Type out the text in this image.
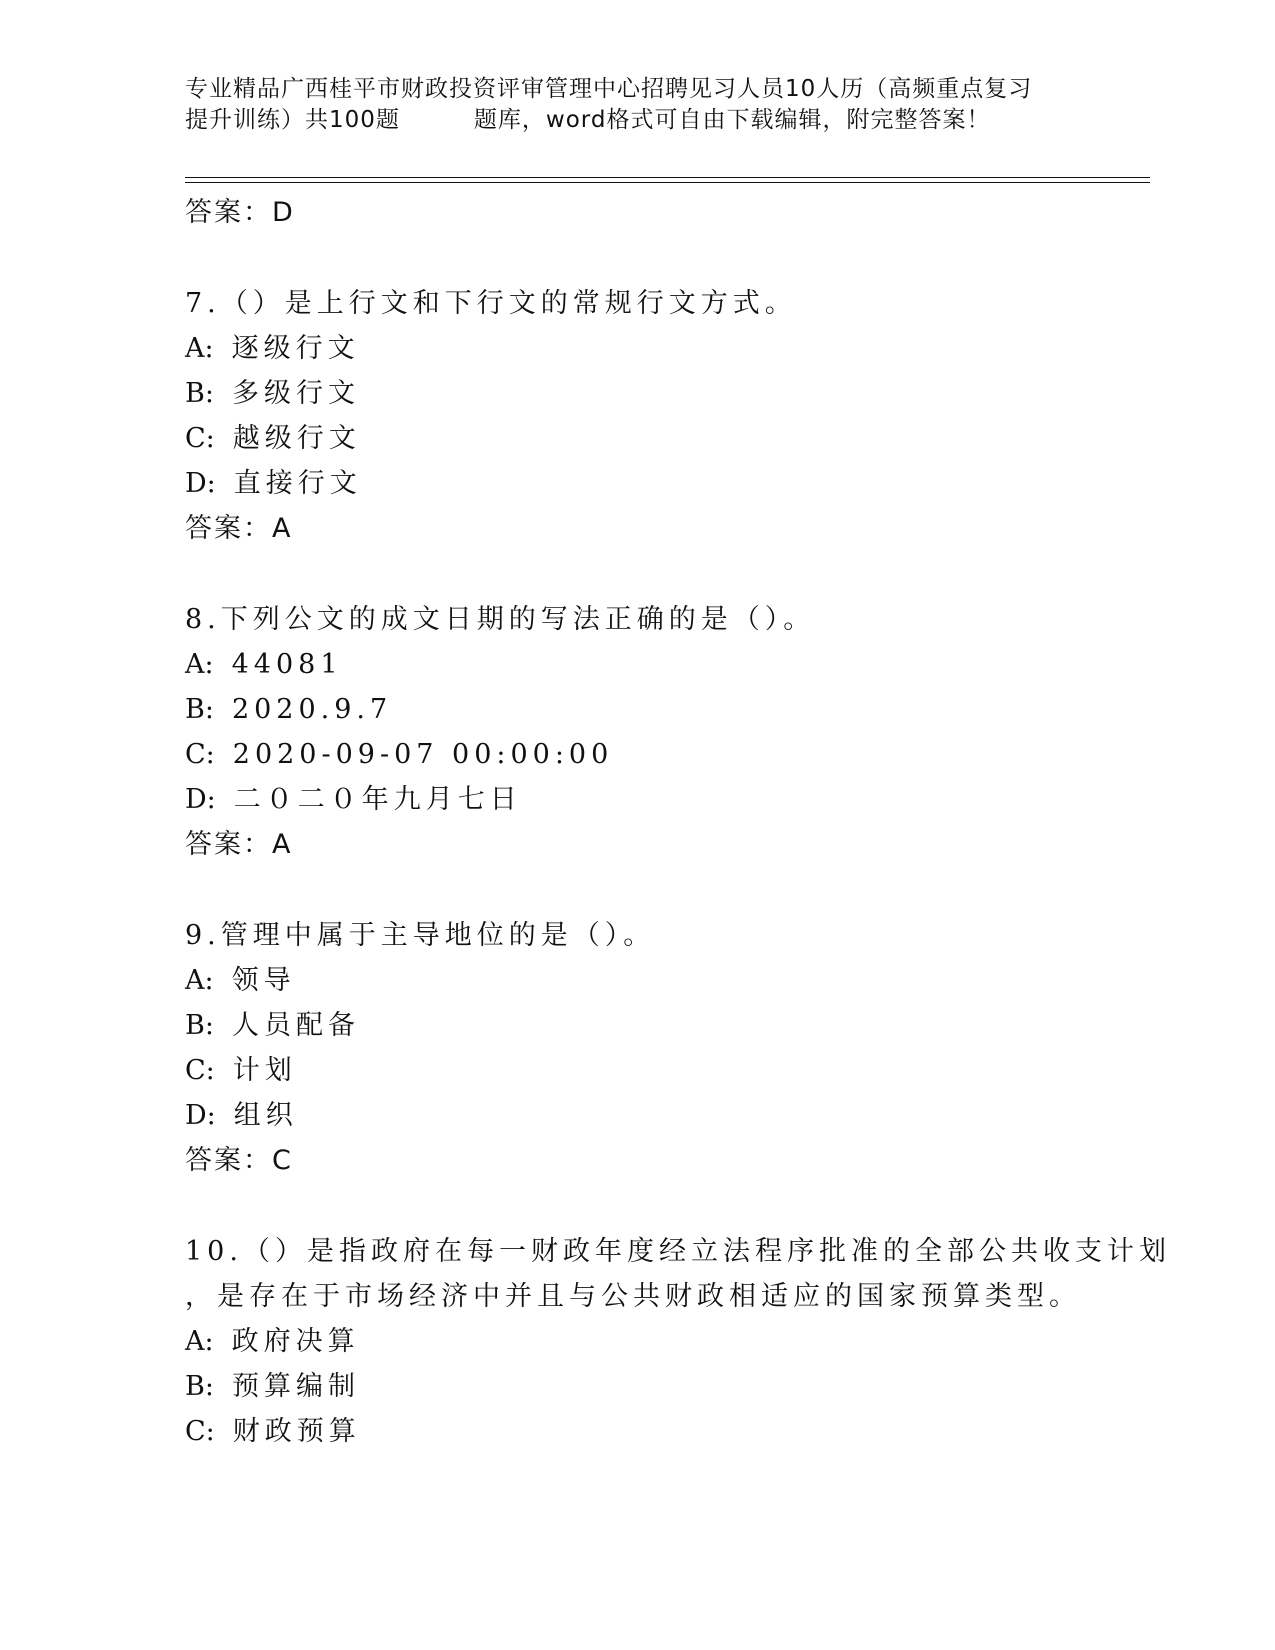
专业精品广西桂平市财政投资评审管理中心招聘见习人员10人历（高频重点复习
提升训练）共100题	题库，word格式可自由下载编辑，附完整答案！
答案：D
7.（）是上行文和下行文的常规行文方式。
A: 逐级行文
B: 多级行文
C: 越级行文
D: 直接行文
答案：A
8.下列公文的成文日期的写法正确的是（）。
A: 44081
B: 2020.9.7
C: 2020-09-07 00:00:00
D: 二０二０年九月七日
答案：A
9.管理中属于主导地位的是（）。
A: 领导
B: 人员配备
C: 计划
D: 组织
答案：C
10.（）是指政府在每一财政年度经立法程序批准的全部公共收支计划
，是存在于市场经济中并且与公共财政相适应的国家预算类型。
A: 政府决算
B: 预算编制
C: 财政预算
